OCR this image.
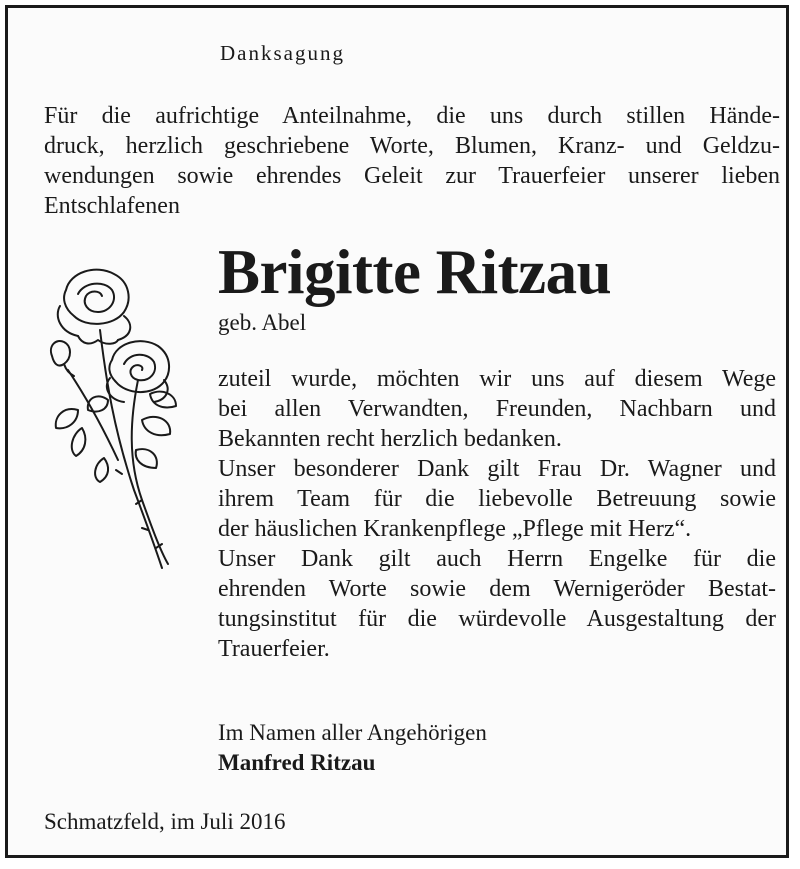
Danksagung
Für die aufrichtige Anteilnahme, die uns durch stillen Hände-
druck, herzlich geschriebene Worte, Blumen, Kranz- und Geldzu-
wendungen sowie ehrendes Geleit zur Trauerfeier unserer lieben
Entschlafenen
Brigitte Ritzau
geb. Abel
zuteil wurde, möchten wir uns auf diesem Wege
bei allen Verwandten, Freunden, Nachbarn und
Bekannten recht herzlich bedanken.
Unser besonderer Dank gilt Frau Dr. Wagner und
ihrem Team für die liebevolle Betreuung sowie
der häuslichen Krankenpflege „Pflege mit Herz“.
Unser Dank gilt auch Herrn Engelke für die
ehrenden Worte sowie dem Wernigeröder Bestat-
tungsinstitut für die würdevolle Ausgestaltung der
Trauerfeier.
Im Namen aller Angehörigen
Manfred Ritzau
Schmatzfeld, im Juli 2016
